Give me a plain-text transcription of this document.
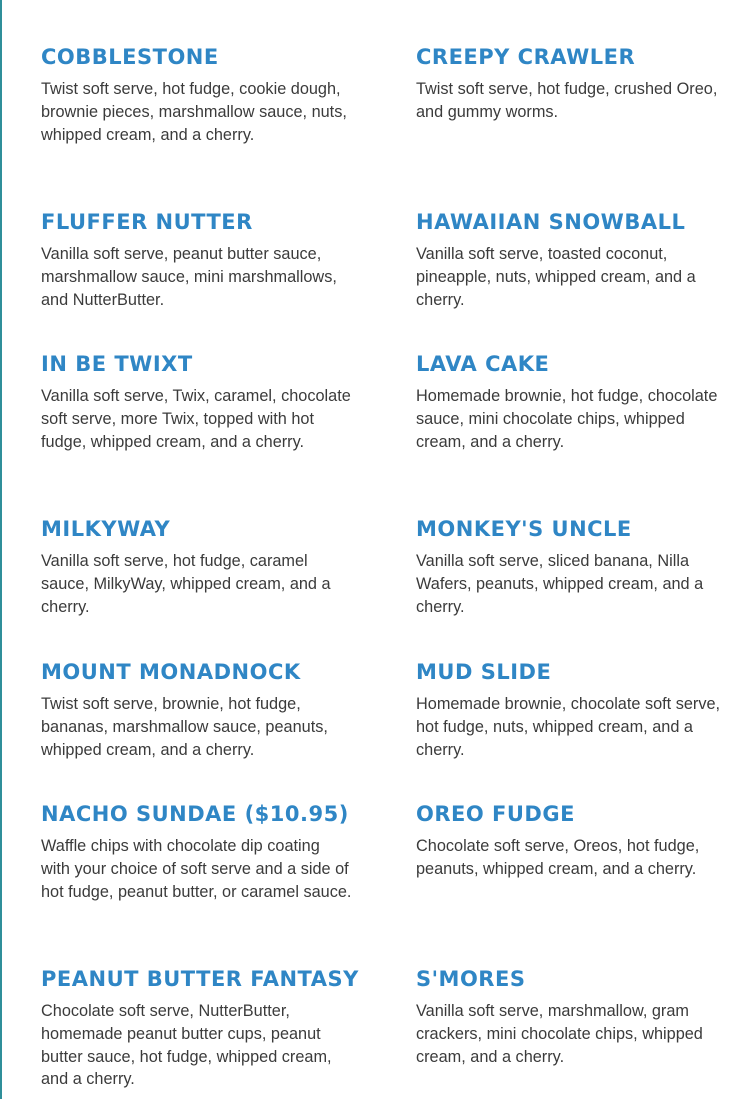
COBBLESTONE

Twist soft serve, hot fudge, cookie dough, brownie pieces, marshmallow sauce, nuts, whipped cream, and a cherry.

CREEPY CRAWLER

Twist soft serve, hot fudge, crushed Oreo, and gummy worms.

FLUFFER NUTTER

Vanilla soft serve, peanut butter sauce, marshmallow sauce, mini marshmallows, and NutterButter.

HAWAIIAN SNOWBALL

Vanilla soft serve, toasted coconut, pineapple, nuts, whipped cream, and a cherry.

IN BE TWIXT

Vanilla soft serve, Twix, caramel, chocolate soft serve, more Twix, topped with hot fudge, whipped cream, and a cherry.

LAVA CAKE

Homemade brownie, hot fudge, chocolate sauce, mini chocolate chips, whipped cream, and a cherry.

MILKYWAY

Vanilla soft serve, hot fudge, caramel sauce, MilkyWay, whipped cream, and a cherry.

MONKEY'S UNCLE

Vanilla soft serve, sliced banana, Nilla Wafers, peanuts, whipped cream, and a cherry.

MOUNT MONADNOCK

Twist soft serve, brownie, hot fudge, bananas, marshmallow sauce, peanuts, whipped cream, and a cherry.

MUD SLIDE

Homemade brownie, chocolate soft serve, hot fudge, nuts, whipped cream, and a cherry.

NACHO SUNDAE ($10.95)

Waffle chips with chocolate dip coating with your choice of soft serve and a side of hot fudge, peanut butter, or caramel sauce.

OREO FUDGE

Chocolate soft serve, Oreos, hot fudge, peanuts, whipped cream, and a cherry.

PEANUT BUTTER FANTASY

Chocolate soft serve, NutterButter, homemade peanut butter cups, peanut butter sauce, hot fudge, whipped cream, and a cherry.

S'MORES

Vanilla soft serve, marshmallow, gram crackers, mini chocolate chips, whipped cream, and a cherry.
